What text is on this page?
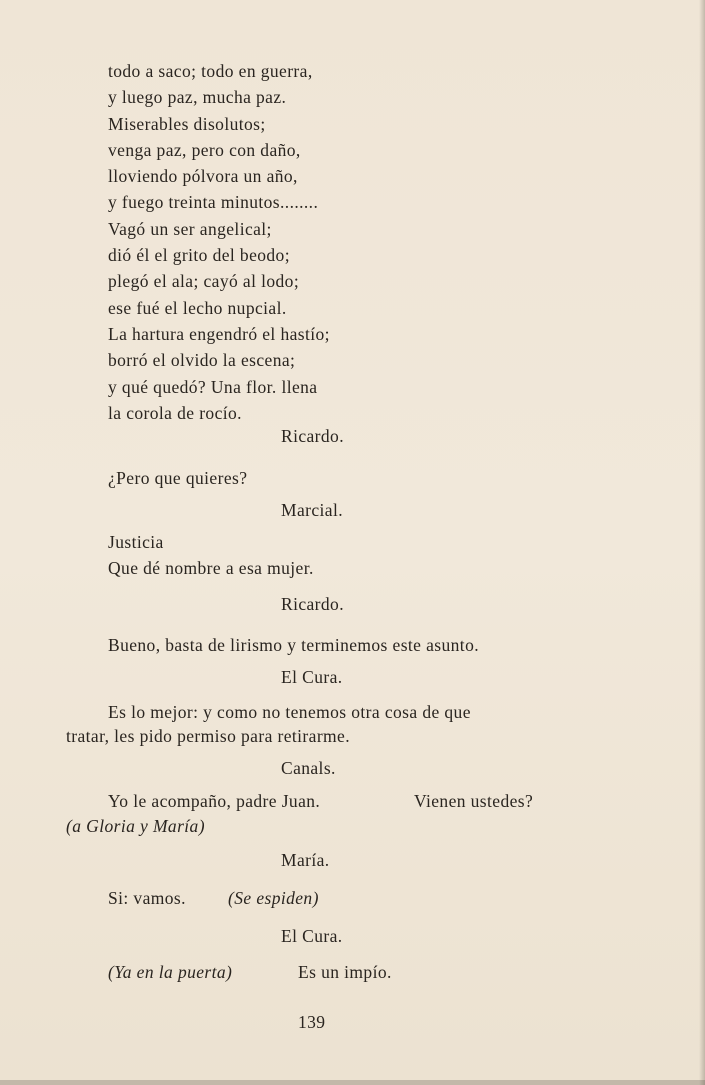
todo a saco; todo en guerra,
y luego paz, mucha paz.
Miserables disolutos;
venga paz, pero con daño,
lloviendo pólvora un año,
y fuego treinta minutos........
Vagó un ser angelical;
dió él el grito del beodo;
plegó el ala; cayó al lodo;
ese fué el lecho nupcial.
La hartura engendró el hastío;
borró el olvido la escena;
y qué quedó? Una flor. llena
la corola de rocío.
Ricardo.
¿Pero que quieres?
Marcial.
Justicia
Que dé nombre a esa mujer.
Ricardo.
Bueno, basta de lirismo y terminemos este asunto.
El Cura.
Es lo mejor: y como no tenemos otra cosa de que
tratar, les pido permiso para retirarme.
Canals.
Yo le acompaño, padre Juan.	Vienen ustedes?
(a Gloria y María)
María.
Si: vamos. (Se espiden)
El Cura.
(Ya en la puerta)	Es un impío.
139
